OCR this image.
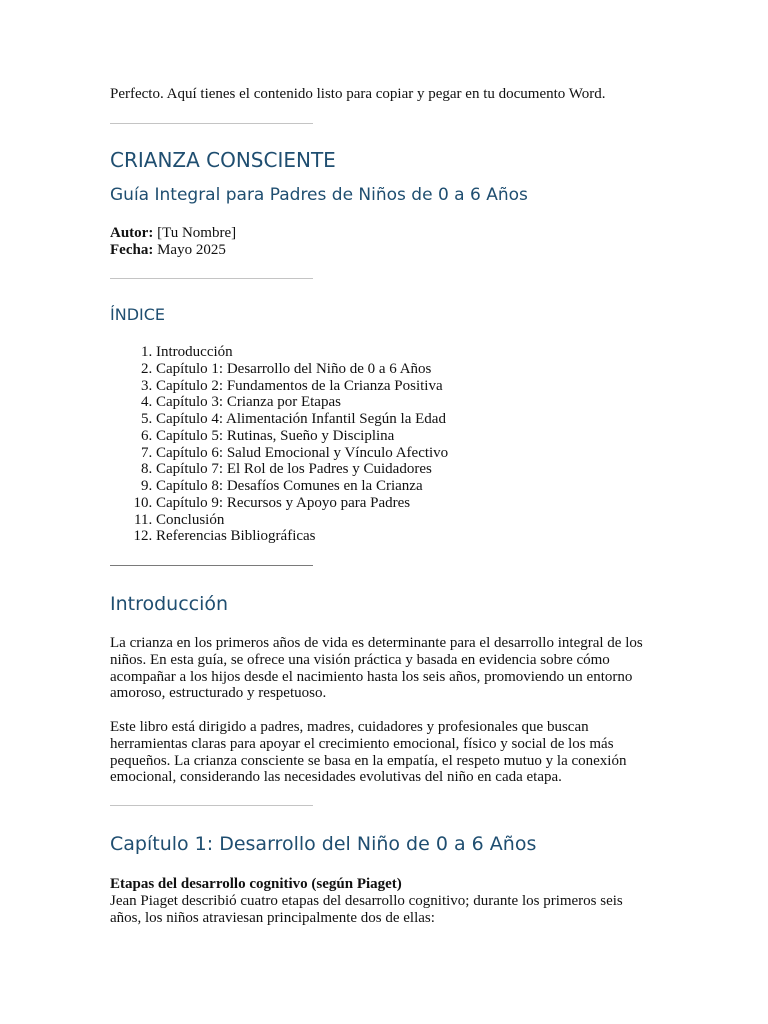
Perfecto. Aquí tienes el contenido listo para copiar y pegar en tu documento Word.
CRIANZA CONSCIENTE
Guía Integral para Padres de Niños de 0 a 6 Años
Autor: [Tu Nombre]
Fecha: Mayo 2025
ÍNDICE
1. Introducción
2. Capítulo 1: Desarrollo del Niño de 0 a 6 Años
3. Capítulo 2: Fundamentos de la Crianza Positiva
4. Capítulo 3: Crianza por Etapas
5. Capítulo 4: Alimentación Infantil Según la Edad
6. Capítulo 5: Rutinas, Sueño y Disciplina
7. Capítulo 6: Salud Emocional y Vínculo Afectivo
8. Capítulo 7: El Rol de los Padres y Cuidadores
9. Capítulo 8: Desafíos Comunes en la Crianza
10. Capítulo 9: Recursos y Apoyo para Padres
11. Conclusión
12. Referencias Bibliográficas
Introducción

La crianza en los primeros años de vida es determinante para el desarrollo integral de los niños. En esta guía, se ofrece una visión práctica y basada en evidencia sobre cómo acompañar a los hijos desde el nacimiento hasta los seis años, promoviendo un entorno amoroso, estructurado y respetuoso.

Este libro está dirigido a padres, madres, cuidadores y profesionales que buscan herramientas claras para apoyar el crecimiento emocional, físico y social de los más pequeños. La crianza consciente se basa en la empatía, el respeto mutuo y la conexión emocional, considerando las necesidades evolutivas del niño en cada etapa.

Capítulo 1: Desarrollo del Niño de 0 a 6 Años
Etapas del desarrollo cognitivo (según Piaget)
Jean Piaget describió cuatro etapas del desarrollo cognitivo; durante los primeros seis años, los niños atraviesan principalmente dos de ellas:
